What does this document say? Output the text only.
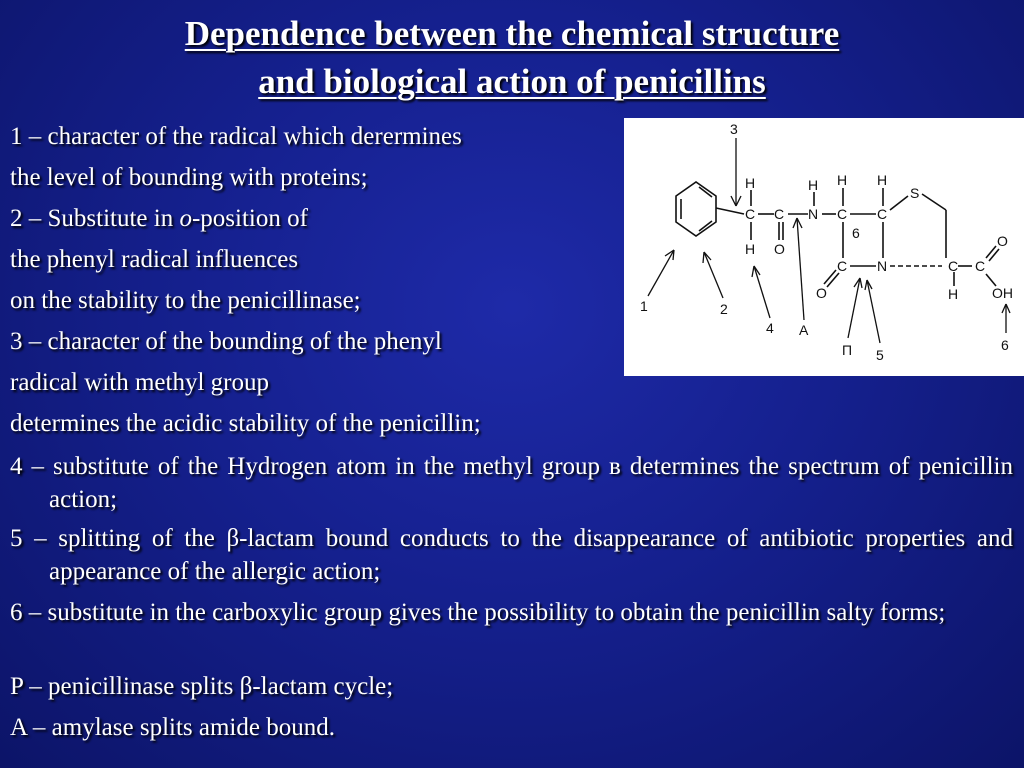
Dependence between the chemical structure
and biological action of penicillins
1 – character of the radical which derermines
the level of bounding with proteins;
2 – Substitute in o-position of
the phenyl radical influences
on the stability to the penicillinase;
3 – character of the bounding of the phenyl
radical with methyl group
determines the acidic stability of the penicillin;
4 – substitute of the Hydrogen atom in the methyl group в determines the spectrum of penicillin action;
5 – splitting of the β-lactam bound conducts to the disappearance of antibiotic properties and appearance of the allergic action;
6 – substitute in the carboxylic group gives the possibility to obtain the penicillin salty forms;
P – penicillinase splits β-lactam cycle;
A – amylase splits amide bound.
H
C
H
C
O
H
N
H
C
H
C
6
C N
O
S
C
H
C
O
OH
3
1	2
4 A
П 5
6
